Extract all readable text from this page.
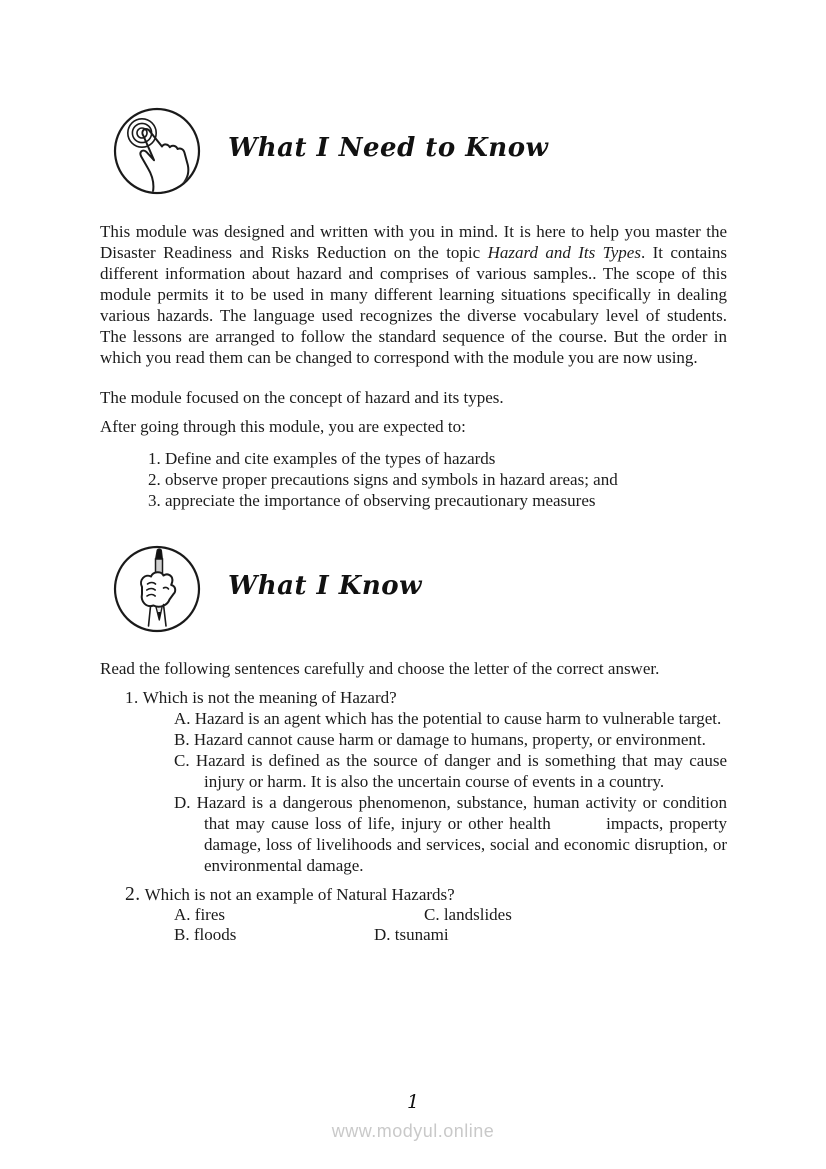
What I Need to Know

This module was designed and written with you in mind. It is here to help you master the Disaster Readiness and Risks Reduction on the topic Hazard and Its Types. It contains different information about hazard and comprises of various samples.. The scope of this module permits it to be used in many different learning situations specifically in dealing various hazards. The language used recognizes the diverse vocabulary level of students. The lessons are arranged to follow the standard sequence of the course. But the order in which you read them can be changed to correspond with the module you are now using.

The module focused on the concept of hazard and its types.

After going through this module, you are expected to:

1. Define and cite examples of the types of hazards
2. observe proper precautions signs and symbols in hazard areas; and
3. appreciate the importance of observing precautionary measures
What I Know

Read the following sentences carefully and choose the letter of the correct answer.

1. Which is not the meaning of Hazard?
A. Hazard is an agent which has the potential to cause harm to vulnerable target.
B. Hazard cannot cause harm or damage to humans, property, or environment.
C. Hazard is defined as the source of danger and is something that may cause injury or harm. It is also the uncertain course of events in a country.
D. Hazard is a dangerous phenomenon, substance, human activity or condition that may cause loss of life, injury or other health         impacts, property damage, loss of livelihoods and services, social and economic disruption, or environmental damage.
2. Which is not an example of Natural Hazards?
A. fires	C. landslides
B. floods	D. tsunami
1
www.modyul.online
